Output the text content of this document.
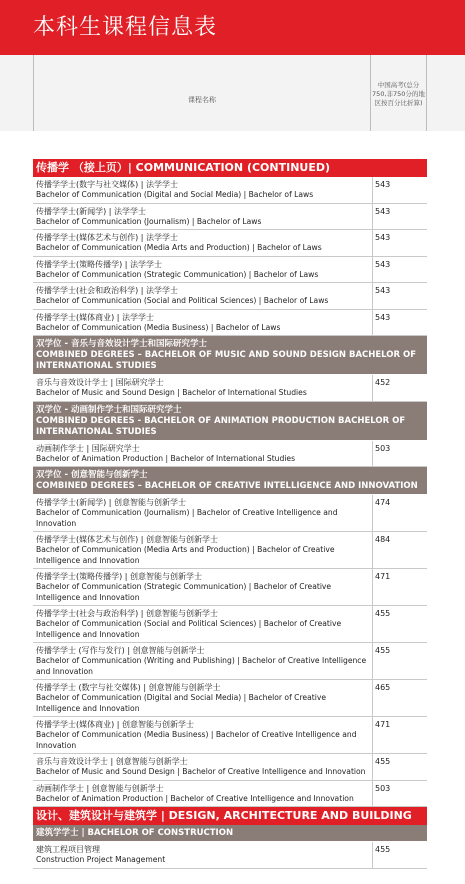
本科生课程信息表
课程名称
中国高考(总分750,非750分的地区按百分比折算)
传播学 （接上页）| COMMUNICATION (CONTINUED)
传播学学士(数字与社交媒体) | 法学学士
Bachelor of Communication (Digital and Social Media) | Bachelor of Laws
543
传播学学士(新闻学) | 法学学士
Bachelor of Communication (Journalism) | Bachelor of Laws
543
传播学学士(媒体艺术与创作) | 法学学士
Bachelor of Communication (Media Arts and Production) | Bachelor of Laws
543
传播学学士(策略传播学) | 法学学士
Bachelor of Communication (Strategic Communication) | Bachelor of Laws
543
传播学学士(社会和政治科学) | 法学学士
Bachelor of Communication (Social and Political Sciences) | Bachelor of Laws
543
传播学学士(媒体商业) | 法学学士
Bachelor of Communication (Media Business) | Bachelor of Laws
543
双学位 - 音乐与音效设计学士和国际研究学士
COMBINED DEGREES – BACHELOR OF MUSIC AND SOUND DESIGN BACHELOR OF INTERNATIONAL STUDIES
音乐与音效设计学士 | 国际研究学士
Bachelor of Music and Sound Design | Bachelor of International Studies
452
双学位 - 动画制作学士和国际研究学士
COMBINED DEGREES - BACHELOR OF ANIMATION PRODUCTION BACHELOR OF INTERNATIONAL STUDIES
动画制作学士 | 国际研究学士
Bachelor of Animation Production | Bachelor of International Studies
503
双学位 - 创意智能与创新学士
COMBINED DEGREES – BACHELOR OF CREATIVE INTELLIGENCE AND INNOVATION
传播学学士(新闻学) | 创意智能与创新学士
Bachelor of Communication (Journalism) | Bachelor of Creative Intelligence and Innovation
474
传播学学士(媒体艺术与创作) | 创意智能与创新学士
Bachelor of Communication (Media Arts and Production) | Bachelor of Creative Intelligence and Innovation
484
传播学学士(策略传播学) | 创意智能与创新学士
Bachelor of Communication (Strategic Communication) | Bachelor of Creative Intelligence and Innovation
471
传播学学士(社会与政治科学) | 创意智能与创新学士
Bachelor of Communication (Social and Political Sciences) | Bachelor of Creative Intelligence and Innovation
455
传播学学士 (写作与发行) | 创意智能与创新学士
Bachelor of Communication (Writing and Publishing) | Bachelor of Creative Intelligence and Innovation
455
传播学学士 (数字与社交媒体) | 创意智能与创新学士
Bachelor of Communication (Digital and Social Media) | Bachelor of Creative Intelligence and Innovation
465
传播学学士(媒体商业) | 创意智能与创新学士
Bachelor of Communication (Media Business) | Bachelor of Creative Intelligence and Innovation
471
音乐与音效设计学士 | 创意智能与创新学士
Bachelor of Music and Sound Design | Bachelor of Creative Intelligence and Innovation
455
动画制作学士 | 创意智能与创新学士
Bachelor of Animation Production | Bachelor of Creative Intelligence and Innovation
503
设计、建筑设计与建筑学 | DESIGN, ARCHITECTURE AND BUILDING
建筑学学士 | BACHELOR OF CONSTRUCTION
建筑工程项目管理
Construction Project Management
455
